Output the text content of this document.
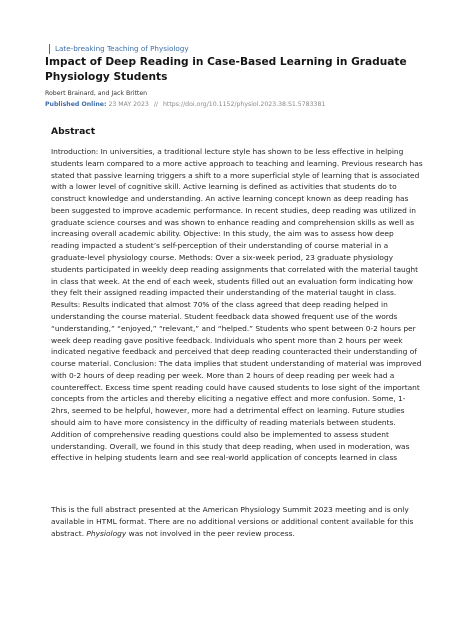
Late-breaking Teaching of Physiology
Impact of Deep Reading in Case-Based Learning in Graduate Physiology Students
Robert Brainard, and Jack Britten
Published Online: 23 MAY 2023 // https://doi.org/10.1152/physiol.2023.38.S1.5783381
Abstract

Introduction: In universities, a traditional lecture style has shown to be less effective in helping students learn compared to a more active approach to teaching and learning. Previous research has stated that passive learning triggers a shift to a more superficial style of learning that is associated with a lower level of cognitive skill. Active learning is defined as activities that students do to construct knowledge and understanding. An active learning concept known as deep reading has been suggested to improve academic performance. In recent studies, deep reading was utilized in graduate science courses and was shown to enhance reading and comprehension skills as well as increasing overall academic ability. Objective: In this study, the aim was to assess how deep reading impacted a student’s self-perception of their understanding of course material in a graduate-level physiology course. Methods: Over a six-week period, 23 graduate physiology students participated in weekly deep reading assignments that correlated with the material taught in class that week. At the end of each week, students filled out an evaluation form indicating how they felt their assigned reading impacted their understanding of the material taught in class. Results: Results indicated that almost 70% of the class agreed that deep reading helped in understanding the course material. Student feedback data showed frequent use of the words “understanding,” “enjoyed,” “relevant,” and “helped.” Students who spent between 0-2 hours per week deep reading gave positive feedback. Individuals who spent more than 2 hours per week indicated negative feedback and perceived that deep reading counteracted their understanding of course material. Conclusion: The data implies that student understanding of material was improved with 0-2 hours of deep reading per week. More than 2 hours of deep reading per week had a countereffect. Excess time spent reading could have caused students to lose sight of the important concepts from the articles and thereby eliciting a negative effect and more confusion. Some, 1-2hrs, seemed to be helpful, however, more had a detrimental effect on learning. Future studies should aim to have more consistency in the difficulty of reading materials between students. Addition of comprehensive reading questions could also be implemented to assess student understanding. Overall, we found in this study that deep reading, when used in moderation, was effective in helping students learn and see real-world application of concepts learned in class

This is the full abstract presented at the American Physiology Summit 2023 meeting and is only available in HTML format. There are no additional versions or additional content available for this abstract. Physiology was not involved in the peer review process.
